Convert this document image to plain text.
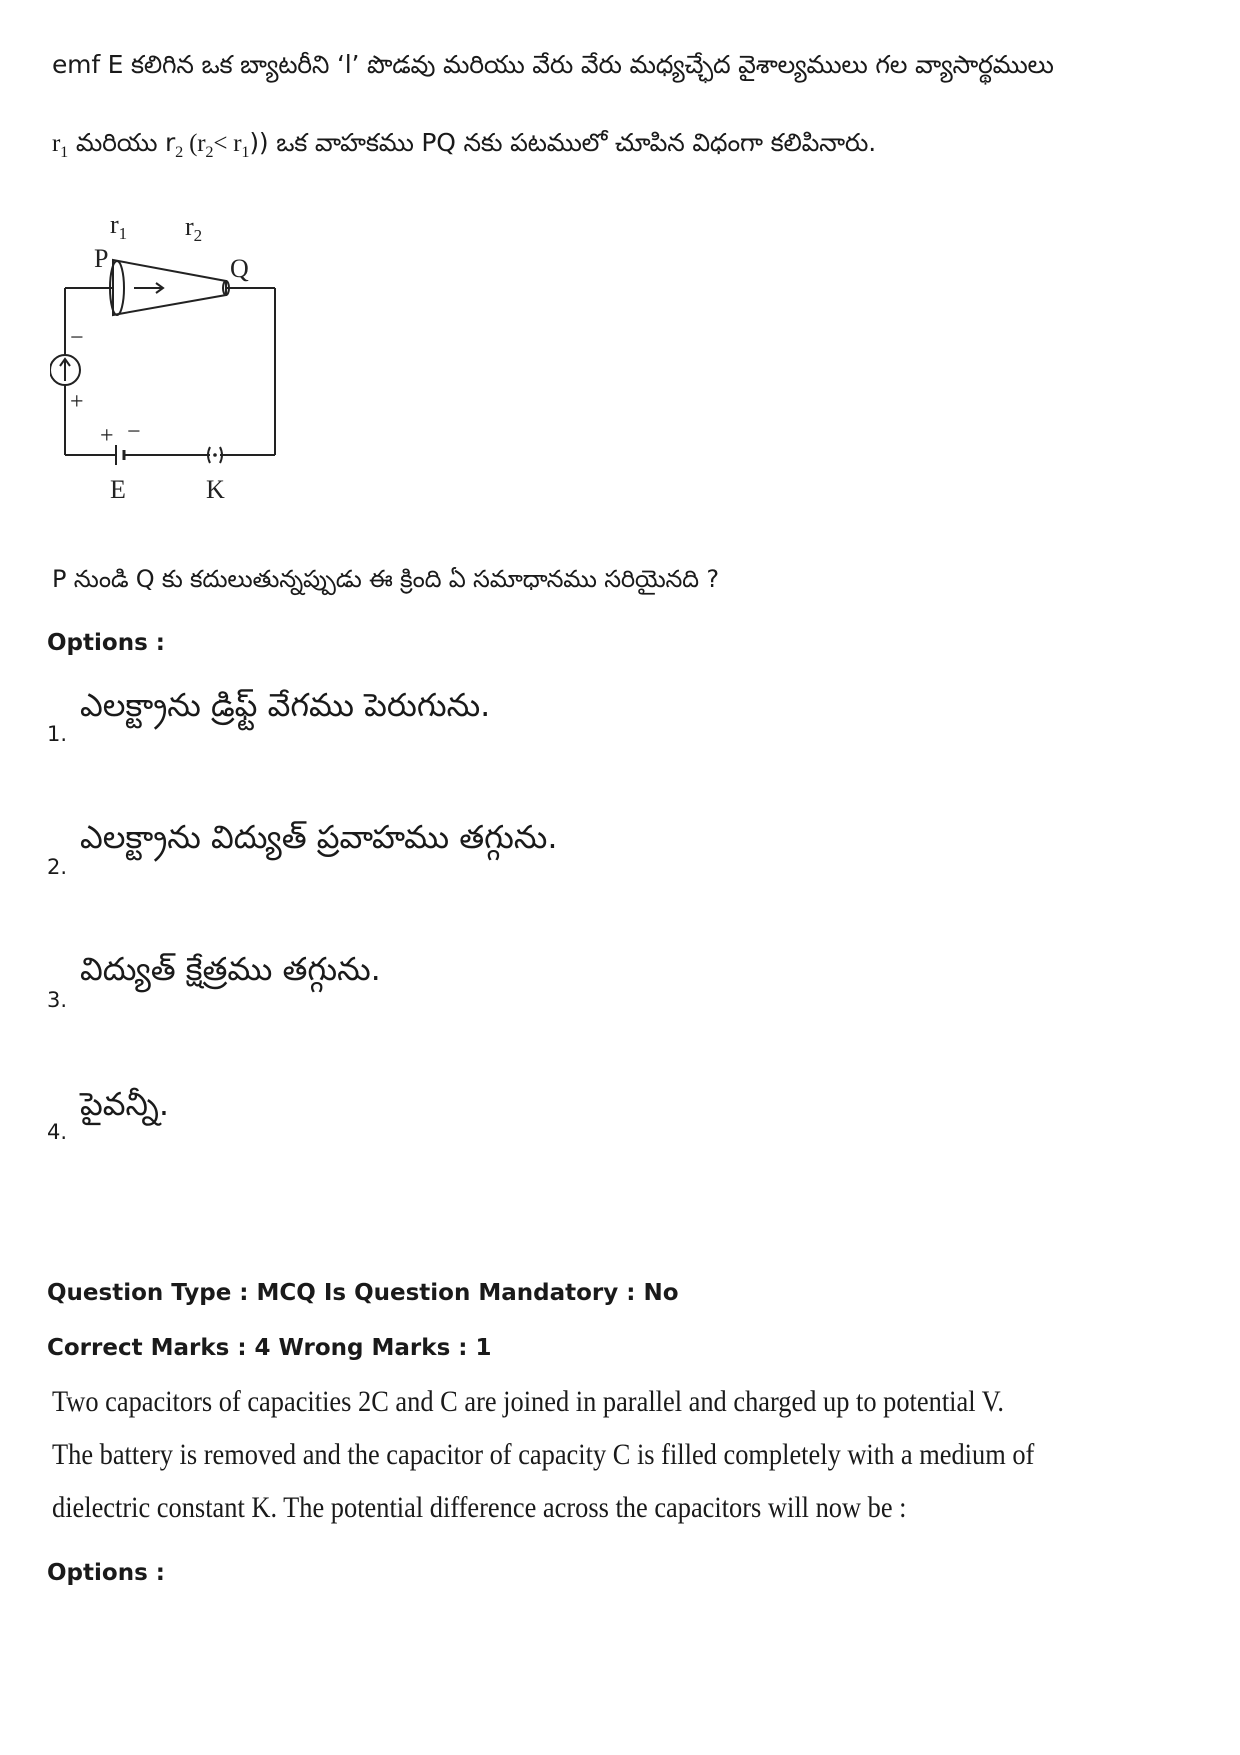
emf E కలిగిన ఒక బ్యాటరీని ‘l’ పొడవు మరియు వేరు వేరు మధ్యచ్ఛేద వైశాల్యములు గల వ్యాసార్థములు
$r_1$ మరియు $r_2$ $(r_2< r_1)$) ఒక వాహకము PQ నకు పటములో చూపిన విధంగా కలిపినారు.
$r_1$ $r_2$
P	Q
−
+
+ −
E	K
P నుండి Q కు కదులుతున్నప్పుడు ఈ క్రింది ఏ సమాధానము సరియైనది ?
Options :
1.
ఎలక్ట్రాను డ్రిఫ్ట్ వేగము పెరుగును.
2.
ఎలక్ట్రాను విద్యుత్ ప్రవాహము తగ్గును.
3.
విద్యుత్ క్షేత్రము తగ్గును.
4.
పైవన్నీ.
Question Type : MCQ Is Question Mandatory : No
Correct Marks : 4 Wrong Marks : 1
Two capacitors of capacities 2C and C are joined in parallel and charged up to potential V.
The battery is removed and the capacitor of capacity C is filled completely with a medium of
dielectric constant K. The potential difference across the capacitors will now be :
Options :
